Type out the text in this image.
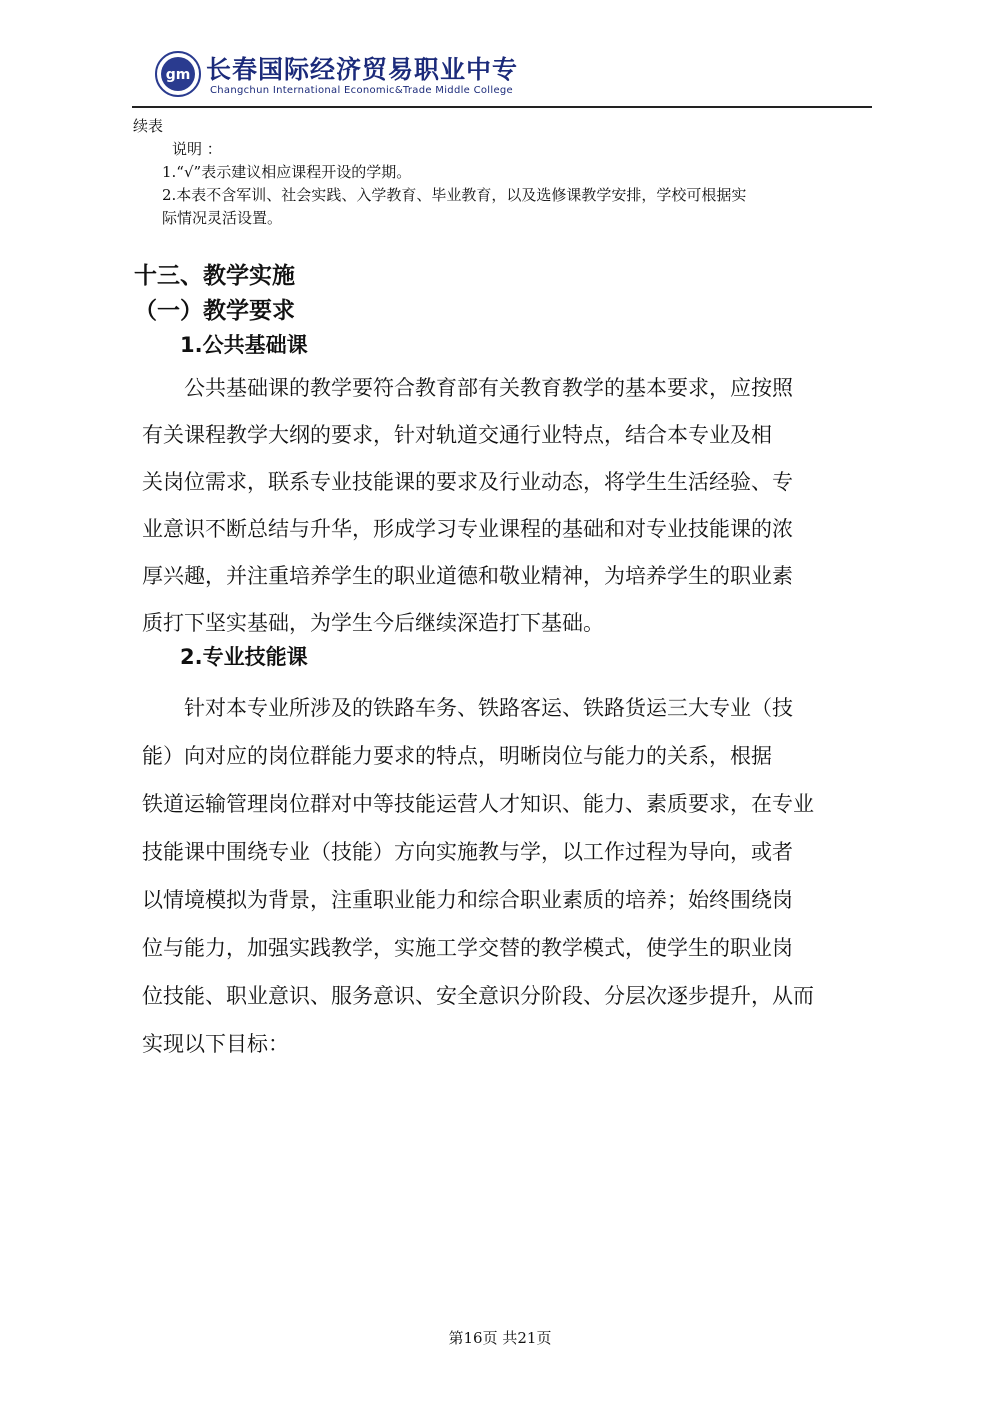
gm 长春国际经济贸易职业中专
Changchun International Economic&Trade Middle College
续表
说明 ：
1.“√”表示建议相应课程开设的学期。
2.本表不含军训、社会实践、入学教育、毕业教育，以及选修课教学安排，学校可根据实
际情况灵活设置。
十三、教学实施
（一）教学要求
1.公共基础课
公共基础课的教学要符合教育部有关教育教学的基本要求，应按照
有关课程教学大纲的要求，针对轨道交通行业特点，结合本专业及相
关岗位需求，联系专业技能课的要求及行业动态，将学生生活经验、专
业意识不断总结与升华，形成学习专业课程的基础和对专业技能课的浓
厚兴趣，并注重培养学生的职业道德和敬业精神，为培养学生的职业素
质打下坚实基础，为学生今后继续深造打下基础。
2.专业技能课
针对本专业所涉及的铁路车务、铁路客运、铁路货运三大专业（技
能）向对应的岗位群能力要求的特点，明晰岗位与能力的关系，根据
铁道运输管理岗位群对中等技能运营人才知识、能力、素质要求，在专业
技能课中围绕专业（技能）方向实施教与学，以工作过程为导向，或者
以情境模拟为背景，注重职业能力和综合职业素质的培养；始终围绕岗
位与能力，加强实践教学，实施工学交替的教学模式，使学生的职业岗
位技能、职业意识、服务意识、安全意识分阶段、分层次逐步提升，从而
实现以下目标：
第16页 共21页
